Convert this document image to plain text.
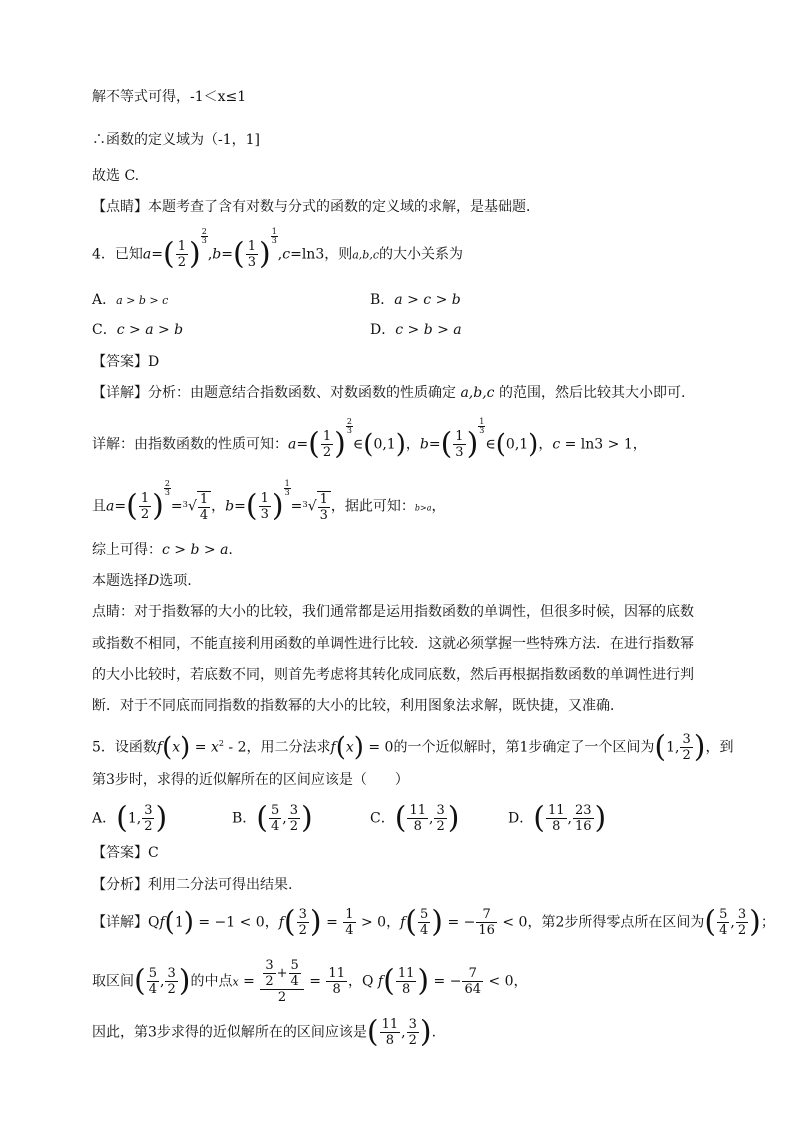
解不等式可得，-1＜x≤1
∴函数的定义域为（-1，1]
故选 C.
【点睛】本题考查了含有对数与分式的函数的定义域的求解，是基础题．
4．已知$a=( \frac{1}{2}$ )
$^{\frac{2}{3}}$
$,b=( \frac{1}{3}$ )
$^{\frac{1}{3}}$
,c=ln3，则a,b,c的大小关系为
A．a > b > c	B．a > c > b
C．c > a > b	D．c > b > a
【答案】D
【详解】分析：由题意结合指数函数、对数函数的性质确定 a,b,c 的范围，然后比较其大小即可.
详解：由指数函数的性质可知：$a=( \frac{1}{2}$ )
$^{\frac{2}{3}}$
∈(0,1)，$b=( \frac{1}{3}$ )
$^{\frac{1}{3}}$
∈(0,1)，c = ln3 > 1，
且$a=( \frac{1}{2}$ )
$^{\frac{2}{3}}$
$=^3√ \frac{1}{4}$ ，$b=( \frac{1}{3}$ )
$^{\frac{1}{3}}$
$=^3√ \frac{1}{3}$ ，据此可知：b>a，
综上可得：c > b > a.
本题选择D选项.
点睛：对于指数幂的大小的比较，我们通常都是运用指数函数的单调性，但很多时候，因幂的底数
或指数不相同，不能直接利用函数的单调性进行比较．这就必须掌握一些特殊方法．在进行指数幂
的大小比较时，若底数不同，则首先考虑将其转化成同底数，然后再根据指数函数的单调性进行判
断．对于不同底而同指数的指数幂的大小的比较，利用图象法求解，既快捷，又准确．
5．设函数$f(x) = x^2 - 2$，用二分法求f(x) = 0的一个近似解时，第1步确定了一个区间为(1, $\frac{3}{2}$ )，到
第3步时，求得的近似解所在的区间应该是（　　）
A．(1, $\frac{3}{2}$ )	B．( $\frac{5}{4}$ , $\frac{3}{2}$ )	C．( $\frac{11}{8}$ , $\frac{3}{2}$ )	D．( $\frac{11}{8}$ , $\frac{23}{16}$ )
【答案】C
【分析】利用二分法可得出结果.
【详解】Qf(1) = −1 < 0，$f( \frac{3}{2}$ ) = $\frac{1}{4} > 0$，$f( \frac{5}{4}$ ) = − $\frac{7}{16} < 0$，第2步所得零点所在区间为( $\frac{5}{4}$ , $\frac{3}{2}$ )；
取区间( $\frac{5}{4}$ , $\frac{3}{2}$ )的中点$x = \frac{\frac{3}{2} + \frac{5}{4}}{2} = \frac{11}{8}$ ，Q $f( \frac{11}{8}$ ) = − $\frac{7}{64} < 0$，
因此，第3步求得的近似解所在的区间应该是( $\frac{11}{8}$ , $\frac{3}{2}$ ).
